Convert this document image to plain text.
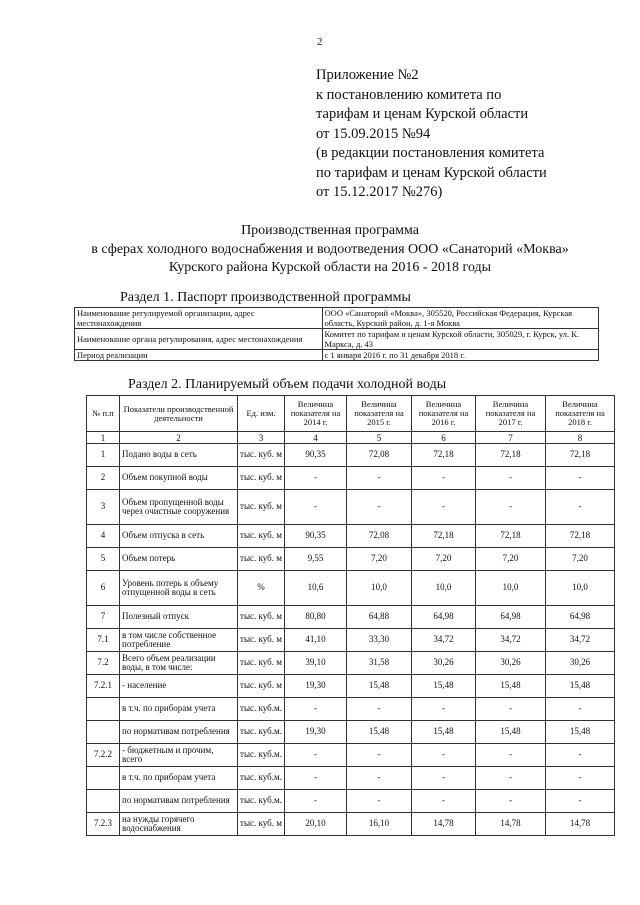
2
Приложение №2
к постановлению комитета по
тарифам и ценам Курской области
от 15.09.2015 №94
(в редакции постановления комитета
по тарифам и ценам Курской области
от 15.12.2017 №276)
Производственная программа
в сферах холодного водоснабжения и водоотведения ООО «Санаторий «Моква»
Курского района Курской области на 2016 - 2018 годы
Раздел 1. Паспорт производственной программы
Наименование регулируемой организации, адрес местонахождения	ООО «Санаторий «Моква», 305520, Российская Федерация, Курская область, Курский район, д. 1-я Моква
Наименование органа регулирования, адрес местонахождения	Комитет по тарифам и ценам Курской области, 305029, г. Курск, ул. К. Маркса, д. 43
Период реализации	с 1 января 2016 г. по 31 декабря 2018 г.
Раздел 2. Планируемый объем подачи холодной воды
№ п.п	Показатели производственной деятельности	Ед. изм.	Величина показателя на 2014 г.	Величина показателя на 2015 г.	Величина показателя на 2016 г.	Величина показателя на 2017 г.	Величина показателя на 2018 г.
1	2	3	4	5	6	7	8
1	Подано воды в сеть	тыс. куб. м	90,35	72,08	72,18	72,18	72,18
2	Объем покупной воды	тыс. куб. м	-	-	-	-	-
3	Объем пропущенной воды через очистные сооружения	тыс. куб. м	-	-	-	-	-
4	Объем отпуска в сеть	тыс. куб. м	90,35	72,08	72,18	72,18	72,18
5	Объем потерь	тыс. куб. м	9,55	7,20	7,20	7,20	7,20
6	Уровень потерь к объему отпущенной воды в сеть	%	10,6	10,0	10,0	10,0	10,0
7	Полезный отпуск	тыс. куб. м	80,80	64,88	64,98	64,98	64,98
7.1	в том числе собственное потребление	тыс. куб. м	41,10	33,30	34,72	34,72	34,72
7.2	Всего объем реализации воды, в том числе:	тыс. куб. м	39,10	31,58	30,26	30,26	30,26
7.2.1	- население	тыс. куб. м	19,30	15,48	15,48	15,48	15,48
	в т.ч. по приборам учета	тыс. куб.м.	-	-	-	-	-
	по нормативам потребления	тыс. куб.м.	19,30	15,48	15,48	15,48	15,48
7.2.2	- бюджетным и прочим, всего	тыс. куб.м.	-	-	-	-	-
	в т.ч. по приборам учета	тыс. куб.м.	-	-	-	-	-
	по нормативам потребления	тыс. куб.м.	-	-	-	-	-
7.2.3	на нужды горячего водоснабжения	тыс. куб. м	20,10	16,10	14,78	14,78	14,78
